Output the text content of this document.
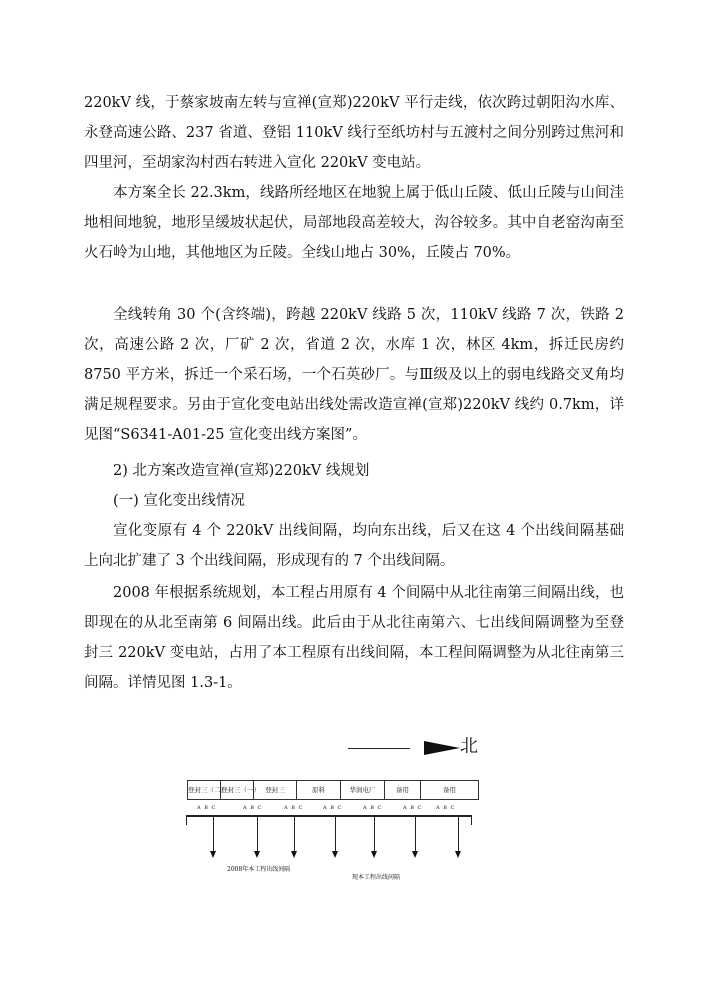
220kV 线，于蔡家坡南左转与宣禅(宣郑)220kV 平行走线，依次跨过朝阳沟水库、永登高速公路、237 省道、登铝 110kV 线行至纸坊村与五渡村之间分别跨过焦河和四里河，至胡家沟村西右转进入宣化 220kV 变电站。

本方案全长 22.3km，线路所经地区在地貌上属于低山丘陵、低山丘陵与山间洼地相间地貌，地形呈缓坡状起伏，局部地段高差较大，沟谷较多。其中自老窑沟南至火石岭为山地，其他地区为丘陵。全线山地占 30%，丘陵占 70%。

全线转角 30 个(含终端)，跨越 220kV 线路 5 次，110kV 线路 7 次，铁路 2 次，高速公路 2 次，厂矿 2 次，省道 2 次，水库 1 次，林区 4km，拆迁民房约 8750 平方米，拆迁一个采石场，一个石英砂厂。与Ⅲ级及以上的弱电线路交叉角均满足规程要求。另由于宣化变电站出线处需改造宣禅(宣郑)220kV 线约 0.7km，详见图“S6341-A01-25 宣化变出线方案图”。

2) 北方案改造宣禅(宣郑)220kV 线规划

(一) 宣化变出线情况

宣化变原有 4 个 220kV 出线间隔，均向东出线，后又在这 4 个出线间隔基础上向北扩建了 3 个出线间隔，形成现有的 7 个出线间隔。

2008 年根据系统规划，本工程占用原有 4 个间隔中从北往南第三间隔出线，也即现在的从北至南第 6 间隔出线。此后由于从北往南第六、七出线间隔调整为至登封三 220kV 变电站，占用了本工程原有出线间隔，本工程间隔调整为从北往南第三间隔。详情见图 1.3-1。

北
登封三（二）
登封三（一） 登封三	原料	华润电厂	备用	备用
A B C	A B C	A B C	A B C	A B C	A B C	A B C
2008年本工程出线间隔
现本工程出线间隔
